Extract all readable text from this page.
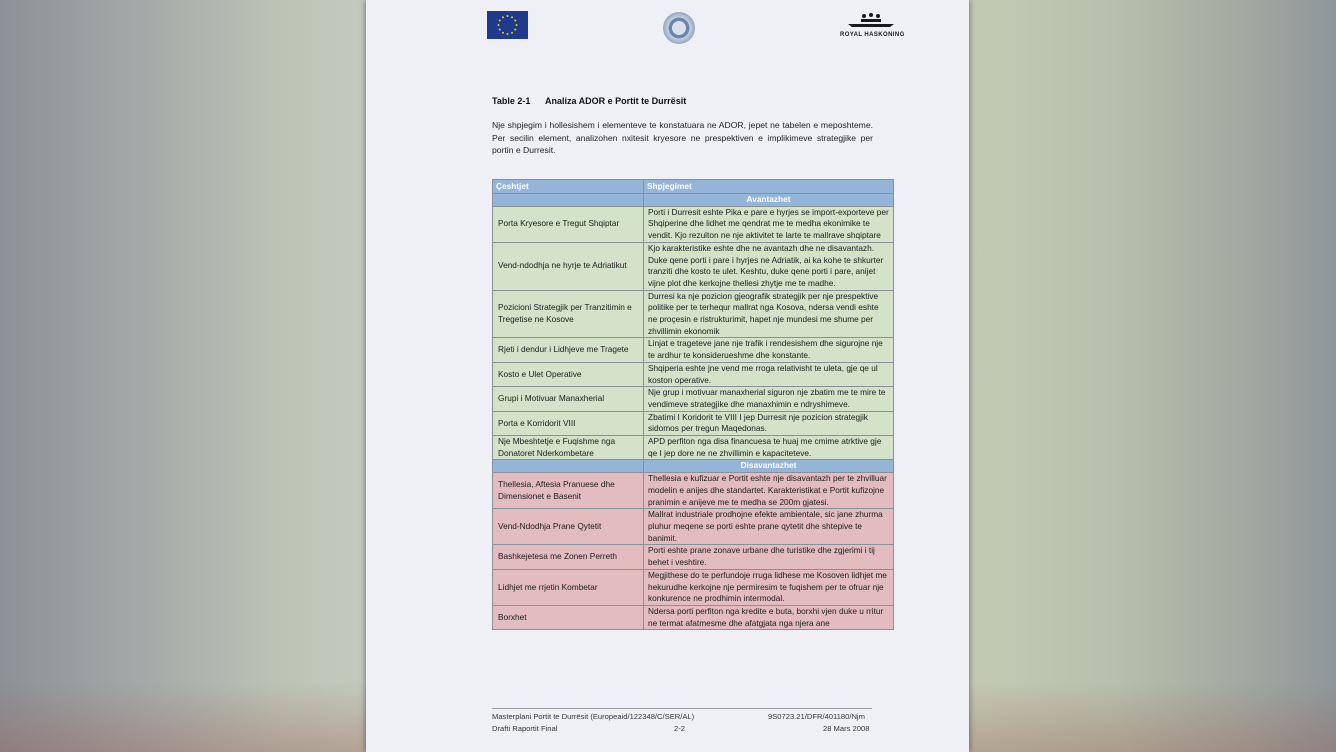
ROYAL HASKONING
Table 2-1 Analiza ADOR e Portit te Durrësit
Nje shpjegim i hollesishem i elementeve te konstatuara ne ADOR, jepet ne tabelen e meposhteme. Per secilin element, analizohen nxitesit kryesore ne prespektiven e implikimeve strategjike per portin e Durresit.
Çeshtjet	Shpjegimet
	Avantazhet
Porta Kryesore e Tregut Shqiptar	Porti i Durresit eshte Pika e pare e hyrjes se import-exporteve per Shqiperine dhe lidhet me qendrat me te medha ekonimike te vendit. Kjo rezulton ne nje aktivitet te larte te mallrave shqiptare
Vend-ndodhja ne hyrje te Adriatikut	Kjo karakteristike eshte dhe ne avantazh dhe ne disavantazh. Duke qene porti i pare i hyrjes ne Adriatik, ai ka kohe te shkurter tranziti dhe kosto te ulet. Keshtu, duke qene porti i pare, anijet vijne plot dhe kerkojne thellesi zhytje me te madhe.
Pozicioni Strategjik per Tranzitimin e Tregetise ne Kosove	Durresi ka nje pozicion gjeografik strategjik per nje prespektive politike per te terhequr mallrat nga Kosova, ndersa vendi eshte ne proçesin e ristrukturimit, hapet nje mundesi me shume per zhvillimin ekonomik
Rjeti i dendur i Lidhjeve me Tragete	Linjat e trageteve jane nje trafik i rendesishem dhe sigurojne nje te ardhur te konsiderueshme dhe konstante.
Kosto e Ulet Operative	Shqiperia eshte jne vend me rroga relativisht te uleta, gje qe ul koston operative.
Grupi i Motivuar Manaxherial	Nje grup i motivuar manaxherial siguron nje zbatim me te mire te vendimeve strategjike dhe manaxhimin e ndryshimeve.
Porta e Korridorit VIII	Zbatimi I Koridorit te VIII I jep Durresit nje pozicion strategjik sidomos per tregun Maqedonas.
Nje Mbeshtetje e Fuqishme nga Donatoret Nderkombetare	APD perfiton nga disa financuesa te huaj me cmime atrktive gje qe I jep dore ne ne zhvillimin e kapaciteteve.
	Disavantazhet
Thellesia, Aftesia Pranuese dhe Dimensionet e Basenit	Thellesia e kufizuar e Portit eshte nje disavantazh per te zhvilluar modelin e anijes dhe standartet. Karakteristikat e Portit kufizojne pranimin e anijeve me te medha se 200m gjatesi.
Vend-Ndodhja Prane Qytetit	Mallrat industriale prodhojne efekte ambientale, sic jane zhurma pluhur meqene se porti eshte prane qytetit dhe shtepive te banimit.
Bashkejetesa me Zonen Perreth	Porti eshte prane zonave urbane dhe turistike dhe zgjerimi i tij behet i veshtire.
Lidhjet me rrjetin Kombetar	Megjithese do te perfundoje rruga lidhese me Kosoven lidhjet me hekurudhe kerkojne nje permiresim te fuqishem per te ofruar nje konkurence ne prodhimin intermodal.
Borxhet	Ndersa porti perfiton nga kredite e buta, borxhi vjen duke u rritur ne termat afatmesme dhe afatgjata nga njera ane
Masterplani Portit te Durrësit (Europeaid/122348/C/SER/AL)	9S0723.21/DFR/401180/Njm
Drafti Raportit Final	2-2	28 Mars 2008
